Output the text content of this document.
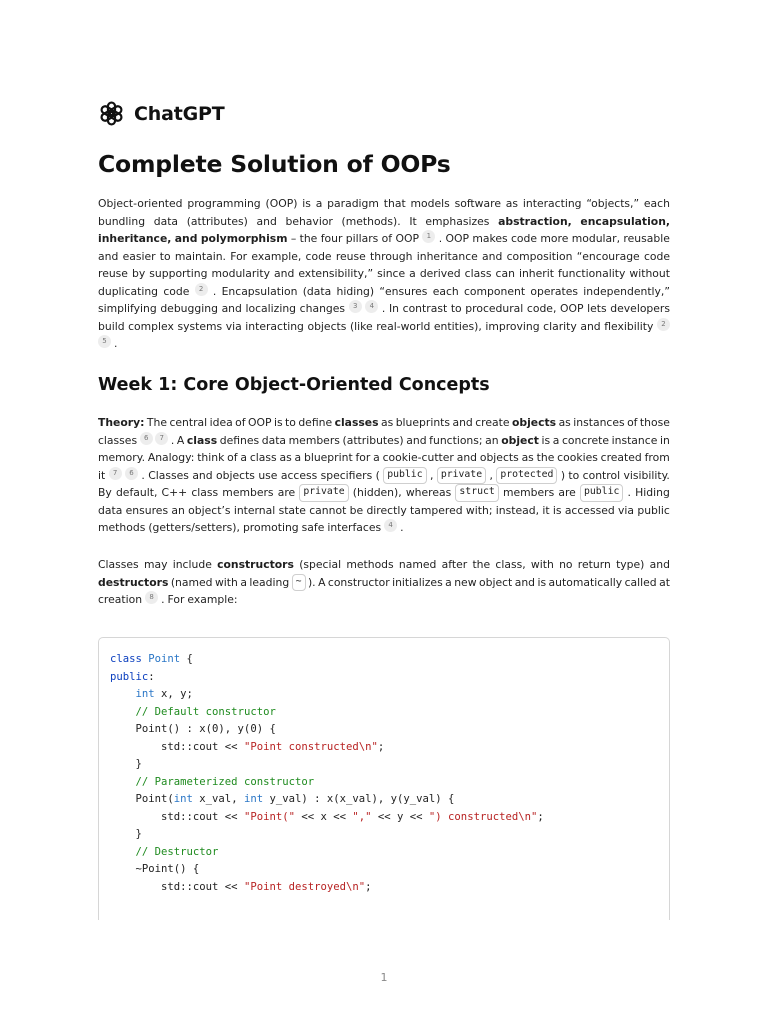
ChatGPT
Complete Solution of OOPs
Object-oriented programming (OOP) is a paradigm that models software as interacting “objects,” each
bundling data (attributes) and behavior (methods). It emphasizes abstraction, encapsulation,
inheritance, and polymorphism – the four pillars of OOP	1 . OOP makes code more modular, reusable
and easier to maintain. For example, code reuse through inheritance and composition “encourage code
reuse by supporting modularity and extensibility,” since a derived class can inherit functionality without
duplicating code	2 . Encapsulation (data hiding) “ensures each component operates independently,”
simplifying debugging and localizing changes	3	4 . In contrast to procedural code, OOP lets developers
build complex systems via interacting objects (like real-world entities), improving clarity and flexibility	2
5 .
Week 1: Core Object-Oriented Concepts
Theory: The central idea of OOP is to define classes as blueprints and create objects as instances of those
classes 6	7 . A class defines data members (attributes) and functions; an object is a concrete instance in
memory. Analogy: think of a class as a blueprint for a cookie-cutter and objects as the cookies created from
it	7	6 . Classes and objects use access specifiers ( public , private , protected ) to control visibility.
By default, C++ class members are private (hidden), whereas struct members are public . Hiding
data ensures an object’s internal state cannot be directly tampered with; instead, it is accessed via public
methods (getters/setters), promoting safe interfaces	4 .
Classes may include constructors (special methods named after the class, with no return type) and
destructors (named with a leading ~ ). A constructor initializes a new object and is automatically called at
creation	8 . For example:
class Point {
public:
int x, y;
// Default constructor
Point() : x(0), y(0) {
std::cout << "Point constructed\n";
}
// Parameterized constructor
Point(int x_val, int y_val) : x(x_val), y(y_val) {
std::cout << "Point(" << x << "," << y << ") constructed\n";
}
// Destructor
~Point() {
std::cout << "Point destroyed\n";
1
